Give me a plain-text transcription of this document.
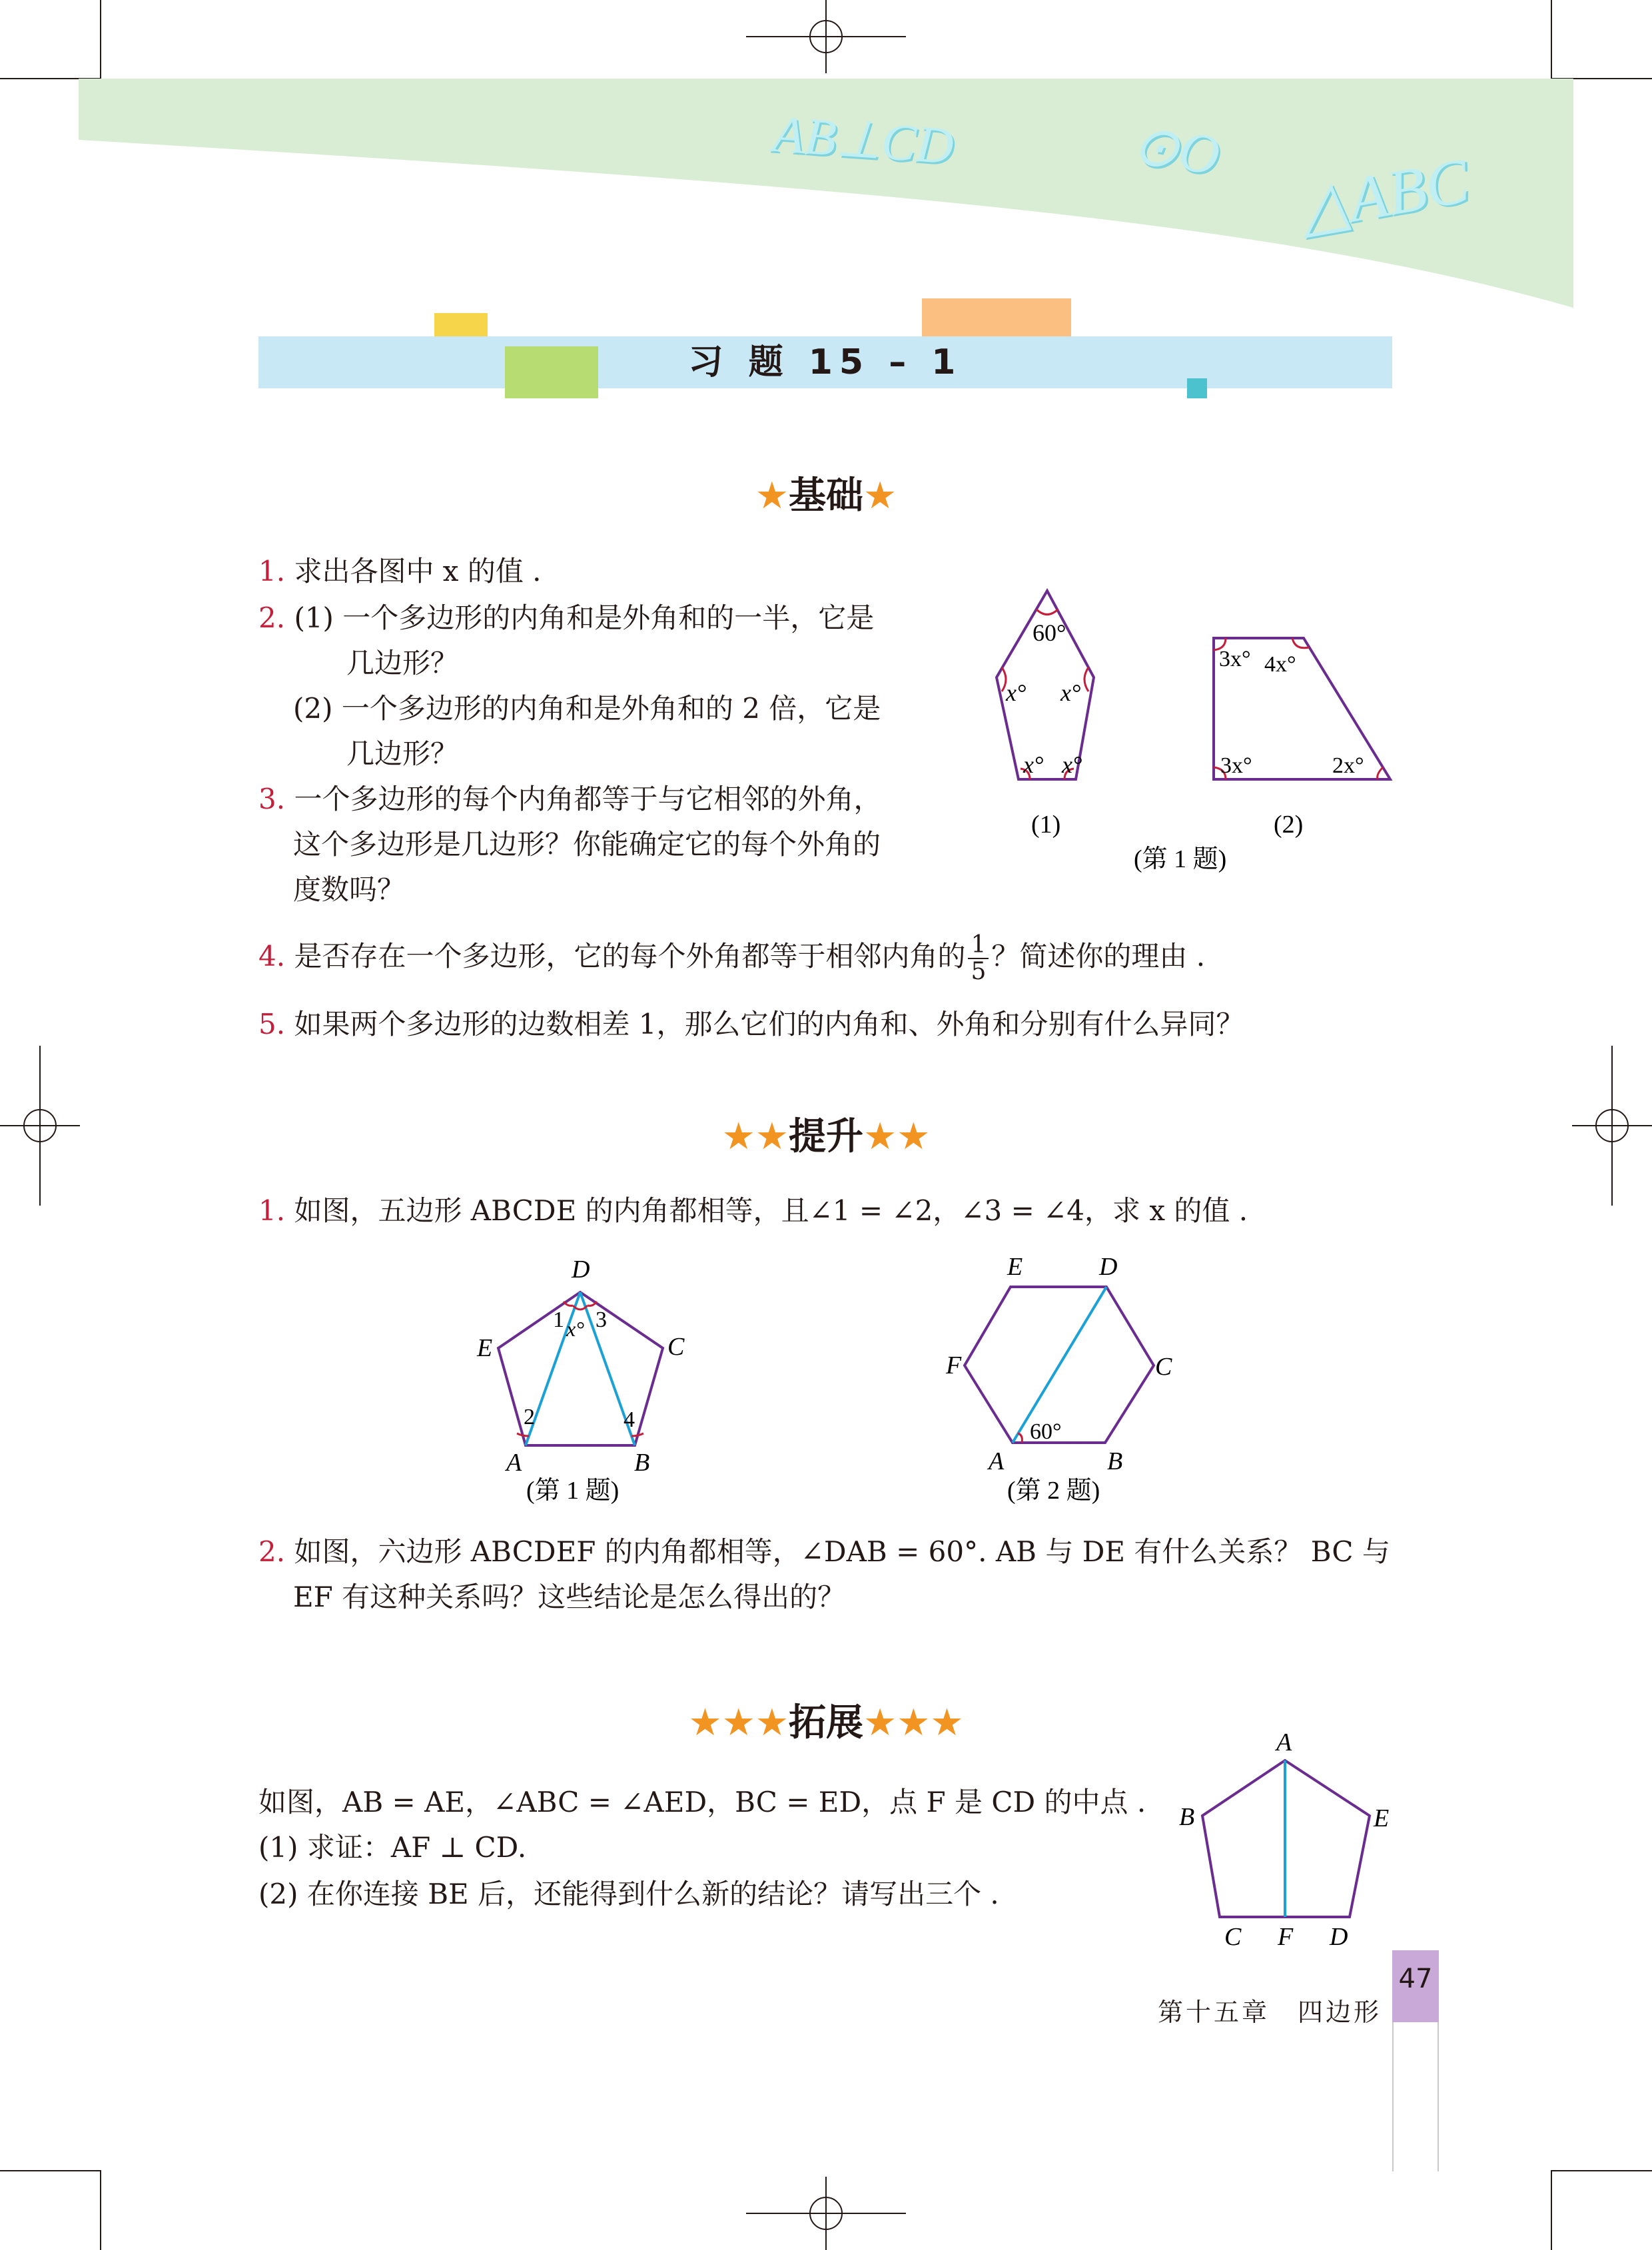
AB⊥CD	⊙O △ABC
习 题 15 – 1
★基础★
1. 求出各图中 x 的值 .
2. (1) 一个多边形的内角和是外角和的一半，它是
几边形？
(2) 一个多边形的内角和是外角和的 2 倍，它是
几边形？
3. 一个多边形的每个内角都等于与它相邻的外角，
这个多边形是几边形？你能确定它的每个外角的
度数吗？
4. 是否存在一个多边形，它的每个外角都等于相邻内角的 $\frac{1}{5}$ ？简述你的理由 .
5. 如果两个多边形的边数相差 1，那么它们的内角和、外角和分别有什么异同？
60°
x° x°
x° x°
3x° 4x°
3x°	2x°
(1)	(2)
(第 1 题)
★★提升★★
1. 如图，五边形 ABCDE 的内角都相等，且∠1 = ∠2，∠3 = ∠4，求 x 的值 .
D
C
B
A
E
1 x° 3
2	4
(第 1 题)
E	D
C
B
A
F
60°
(第 2 题)
2. 如图，六边形 ABCDEF 的内角都相等，∠DAB = 60°. AB 与 DE 有什么关系？ BC 与
EF 有这种关系吗？这些结论是怎么得出的？
★★★拓展★★★
如图，AB = AE，∠ABC = ∠AED，BC = ED，点 F 是 CD 的中点 .
(1) 求证：AF ⊥ CD.
(2) 在你连接 BE 后，还能得到什么新的结论？请写出三个 .
A
B	E
C F D
47
第十五章　四边形
